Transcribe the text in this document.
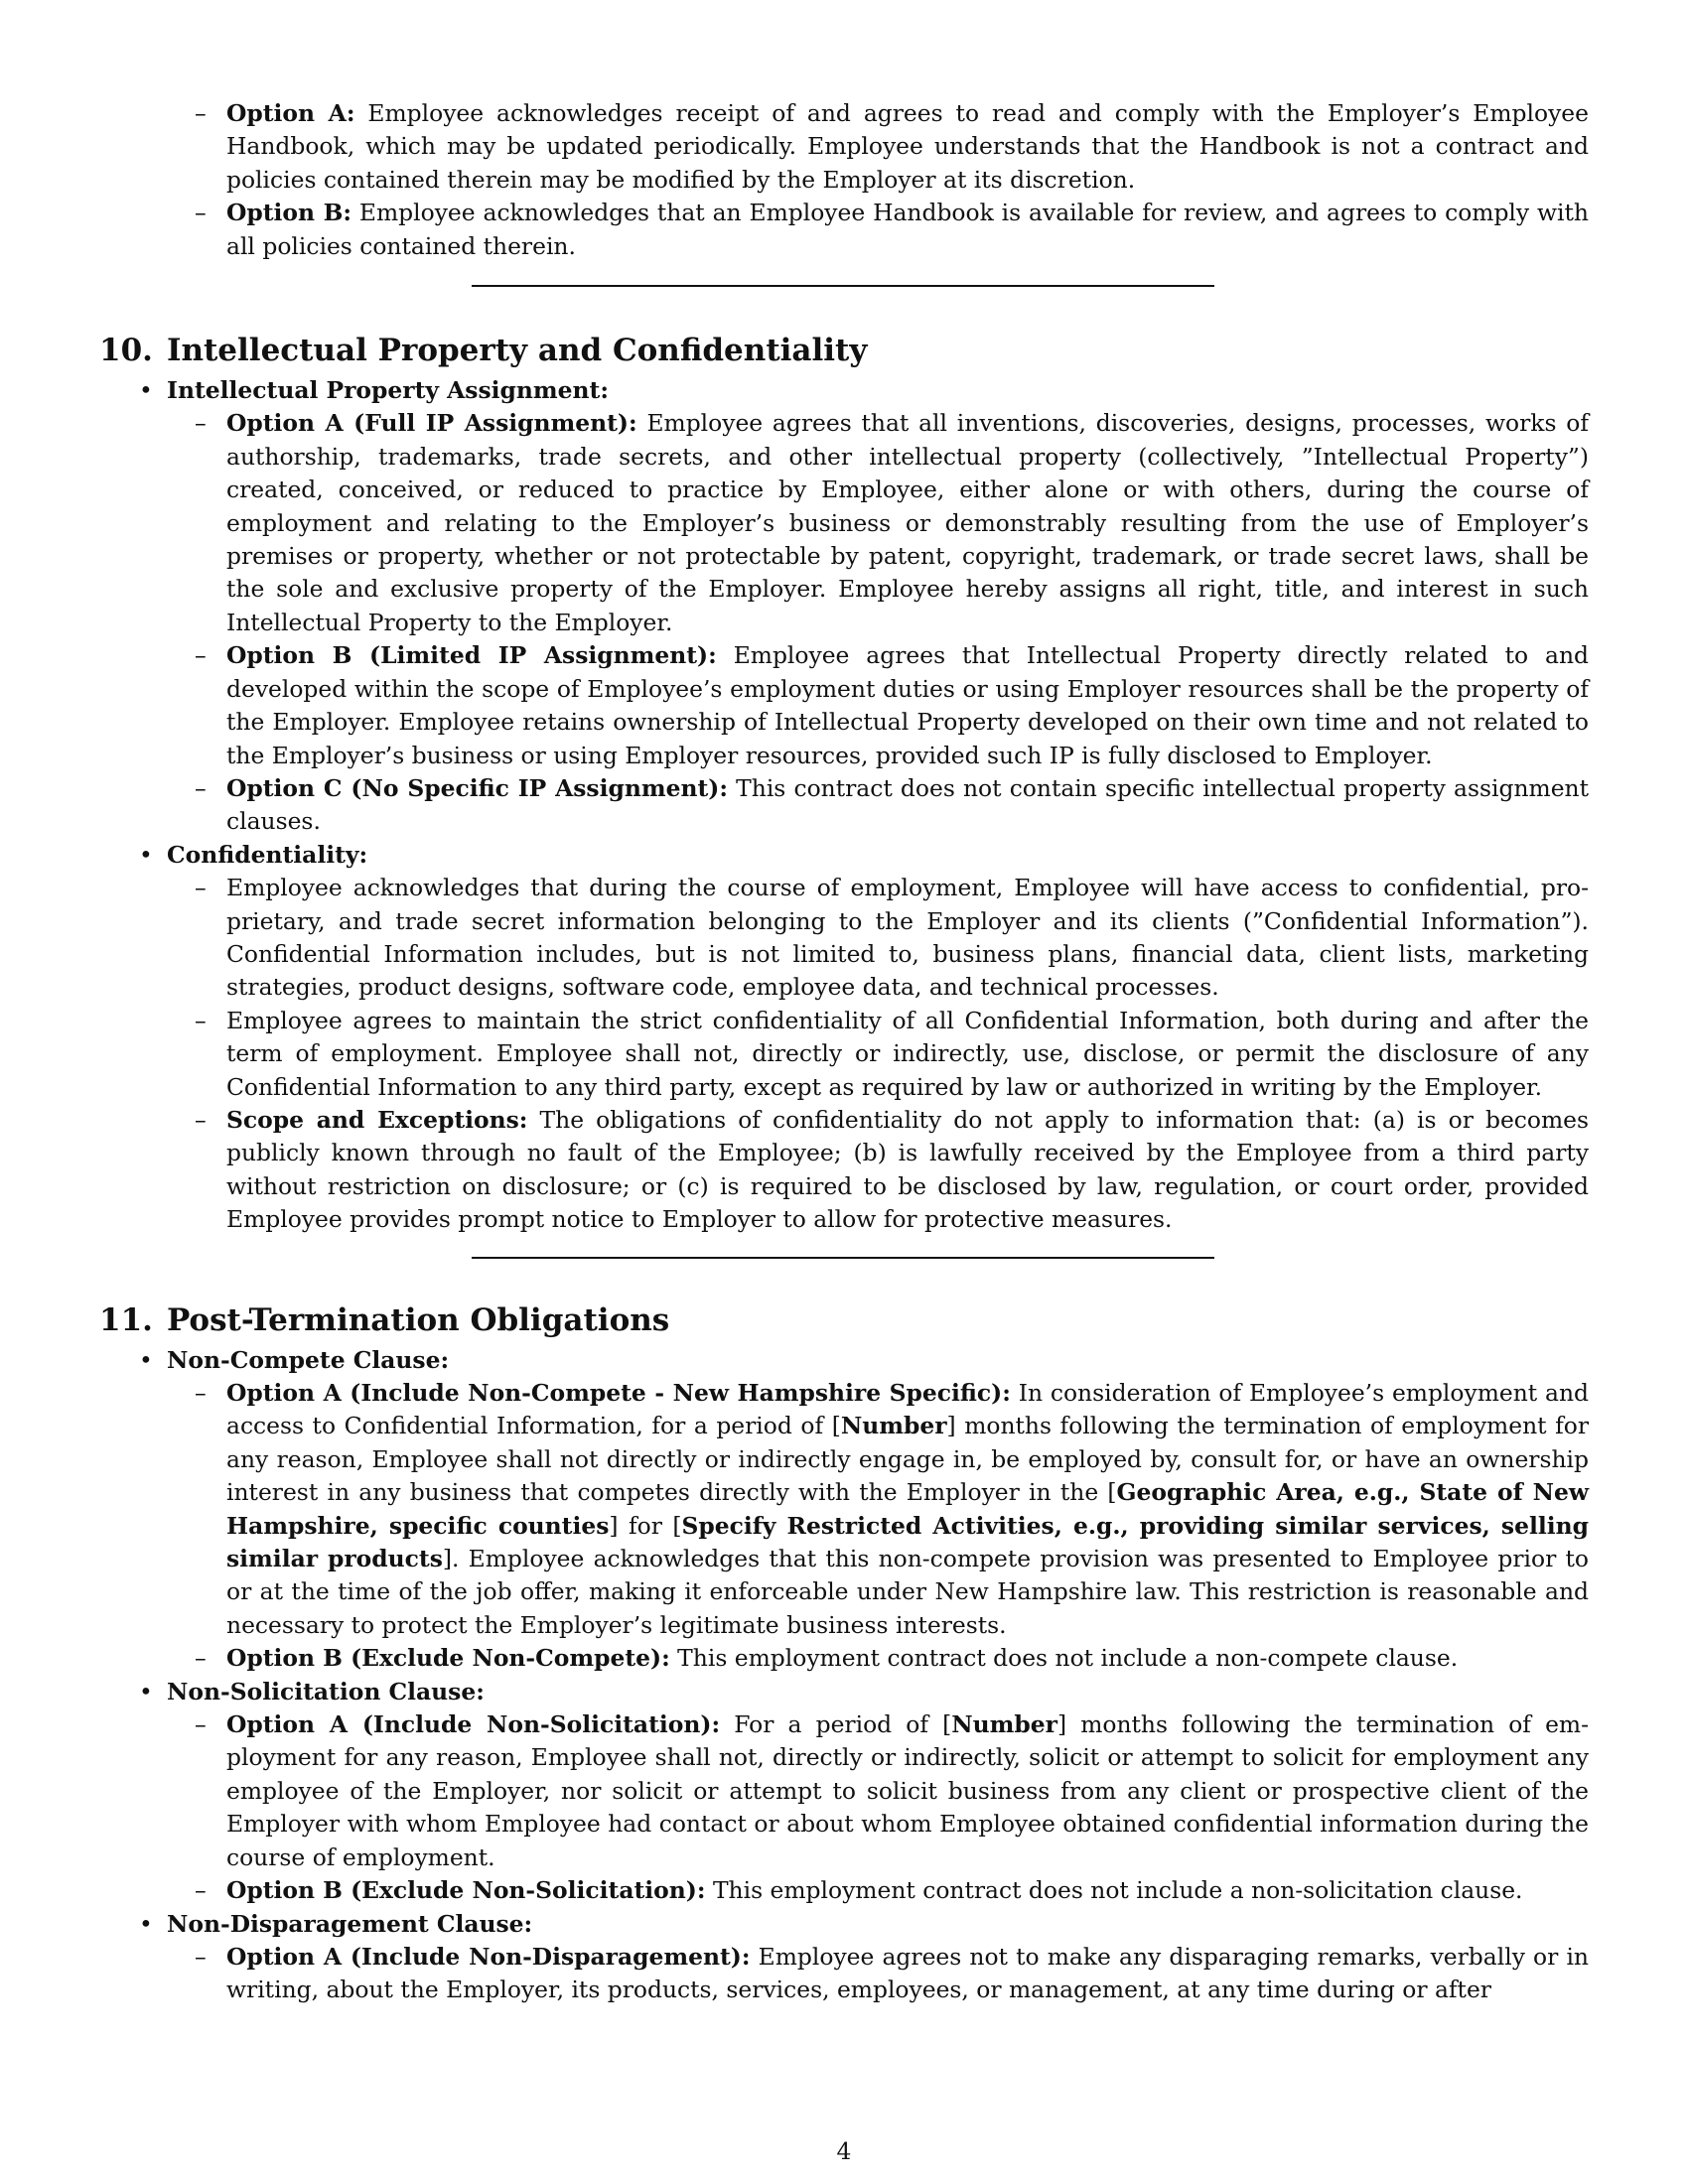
– Option A: Employee acknowledges receipt of and agrees to read and comply with the Employer’s Employee Handbook, which may be updated periodically. Employee understands that the Handbook is not a contract and policies contained therein may be modified by the Employer at its discretion.
– Option B: Employee acknowledges that an Employee Handbook is available for review, and agrees to comply with all policies contained therein.
10. Intellectual Property and Confidentiality
• Intellectual Property Assignment:
– Option A (Full IP Assignment): Employee agrees that all inventions, discoveries, designs, processes, works of authorship, trademarks, trade secrets, and other intellectual property (collectively, ”Intellectual Property”) created, conceived, or reduced to practice by Employee, either alone or with others, during the course of employment and relating to the Employer’s business or demonstrably resulting from the use of Employer’s premises or property, whether or not protectable by patent, copyright, trademark, or trade secret laws, shall be the sole and exclusive property of the Employer. Employee hereby assigns all right, title, and interest in such Intellectual Property to the Employer.
– Option B (Limited IP Assignment): Employee agrees that Intellectual Property directly related to and developed within the scope of Employee’s employment duties or using Employer resources shall be the property of the Employer. Employee retains ownership of Intellectual Property developed on their own time and not related to the Employer’s business or using Employer resources, provided such IP is fully disclosed to Employer.
– Option C (No Specific IP Assignment): This contract does not contain specific intellectual property assignment clauses.
• Confidentiality:
– Employee acknowledges that during the course of employment, Employee will have access to confidential, proprietary, and trade secret information belonging to the Employer and its clients (”Confidential Information”). Confidential Information includes, but is not limited to, business plans, financial data, client lists, marketing strategies, product designs, software code, employee data, and technical processes.
– Employee agrees to maintain the strict confidentiality of all Confidential Information, both during and after the term of employment. Employee shall not, directly or indirectly, use, disclose, or permit the disclosure of any Confidential Information to any third party, except as required by law or authorized in writing by the Employer.
– Scope and Exceptions: The obligations of confidentiality do not apply to information that: (a) is or becomes publicly known through no fault of the Employee; (b) is lawfully received by the Employee from a third party without restriction on disclosure; or (c) is required to be disclosed by law, regulation, or court order, provided Employee provides prompt notice to Employer to allow for protective measures.
11. Post-Termination Obligations
• Non-Compete Clause:
– Option A (Include Non-Compete - New Hampshire Specific): In consideration of Employee’s employment and access to Confidential Information, for a period of [Number] months following the termination of employment for any reason, Employee shall not directly or indirectly engage in, be employed by, consult for, or have an ownership interest in any business that competes directly with the Employer in the [Geographic Area, e.g., State of New Hampshire, specific counties] for [Specify Restricted Activities, e.g., providing similar services, selling similar products]. Employee acknowledges that this non-compete provision was presented to Employee prior to or at the time of the job offer, making it enforceable under New Hampshire law. This restriction is reasonable and necessary to protect the Employer’s legitimate business interests.
– Option B (Exclude Non-Compete): This employment contract does not include a non-compete clause.
• Non-Solicitation Clause:
– Option A (Include Non-Solicitation): For a period of [Number] months following the termination of employment for any reason, Employee shall not, directly or indirectly, solicit or attempt to solicit for employment any employee of the Employer, nor solicit or attempt to solicit business from any client or prospective client of the Employer with whom Employee had contact or about whom Employee obtained confidential information during the course of employment.
– Option B (Exclude Non-Solicitation): This employment contract does not include a non-solicitation clause.
• Non-Disparagement Clause:
– Option A (Include Non-Disparagement): Employee agrees not to make any disparaging remarks, verbally or in writing, about the Employer, its products, services, employees, or management, at any time during or after
4
